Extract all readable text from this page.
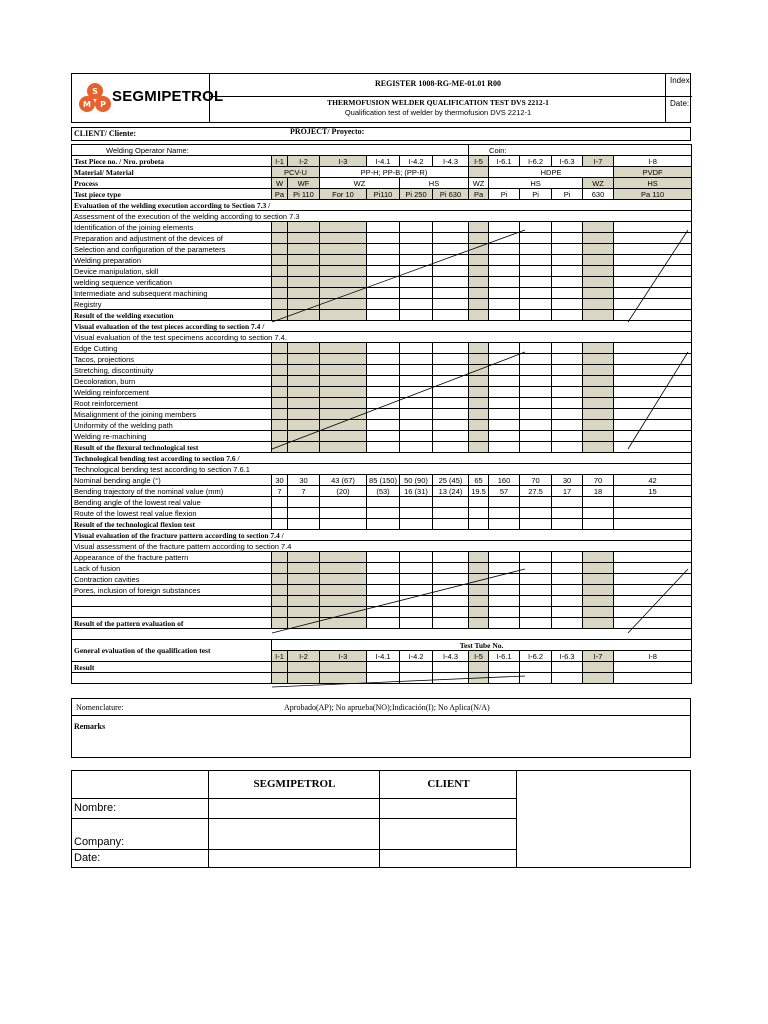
S
M P SEGMIPETROL
REGISTER 1008-RG-ME-01.01 R00
THERMOFUSION WELDER QUALIFICATION TEST DVS 2212-1
Qualification test of welder by thermofusion DVS 2212-1
Index:
Date:
CLIENT/ Cliente:	PROJECT/ Proyecto:
Welding Operator Name:							Coin:					
Test Piece no. / Nro. probeta	I-1	I-2	I-3	I-4.1	I-4.2	I-4.3	I-5	I-6.1	I-6.2	I-6.3	I-7	I-8
Material/ Material	PCV-U		PP-H; PP-B; (PP-R)					HDPE				PVDF
Process	W	WF	WZ		HS		WZ	HS			WZ	HS
Test piece type	Pa	Pi 110	For 10	Pi110	Pi 250	Pi 630	Pa	Pi	Pi	Pi	630	Pa 110
Evaluation of the welding execution according to Section 7.3 /												
Assessment of the execution of the welding according to section 7.3												
Identification of the joining elements												
Preparation and adjustment of the devices of												
Selection and configuration of the parameters												
Welding preparation												
Device manipulation, skill												
welding sequence verification												
Intermediate and subsequent machining												
Registry												
Result of the welding execution												
Visual evaluation of the test pieces according to section 7.4 /												
Visual evaluation of the test specimens according to section 7.4.												
Edge Cutting												
Tacos, projections												
Stretching, discontinuity												
Decoloration, burn												
Welding reinforcement												
Root reinforcement												
Misalignment of the joining members												
Uniformity of the welding path												
Welding re-machining												
Result of the flexural technological test												
Technological bending test according to section 7.6 /												
Technological bending test according to section 7.6.1												
Nominal bending angle (°)	30	30	43 (67)	85 (150)	50 (90)	25 (45)	65	160	70	30	70	42
Bending trajectory of the nominal value (mm)	7	7	(20)	(53)	16 (31)	13 (24)	19.5	57	27.5	17	18	15
Bending angle of the lowest real value												
Route of the lowest real value flexion												
Result of the technological flexion test												
Visual evaluation of the fracture pattern according to section 7.4 /												
Visual assessment of the fracture pattern according to section 7.4												
Appearance of the fracture pattern												
Lack of fusion												
Contraction cavities												
Pores, inclusion of foreign substances												

Result of the pattern evaluation of												

General evaluation of the qualification test	Test Tube No.											
	I-1	I-2	I-3	I-4.1	I-4.2	I-4.3	I-5	I-6.1	I-6.2	I-6.3	I-7	I-8
Result												

Nomenclature:	Aprobado(AP); No aprueba(NO);Indicación(I); No Aplica(N/A)
Remarks
SEGMIPETROL	CLIENT
Nombre:
Company:
Date:
